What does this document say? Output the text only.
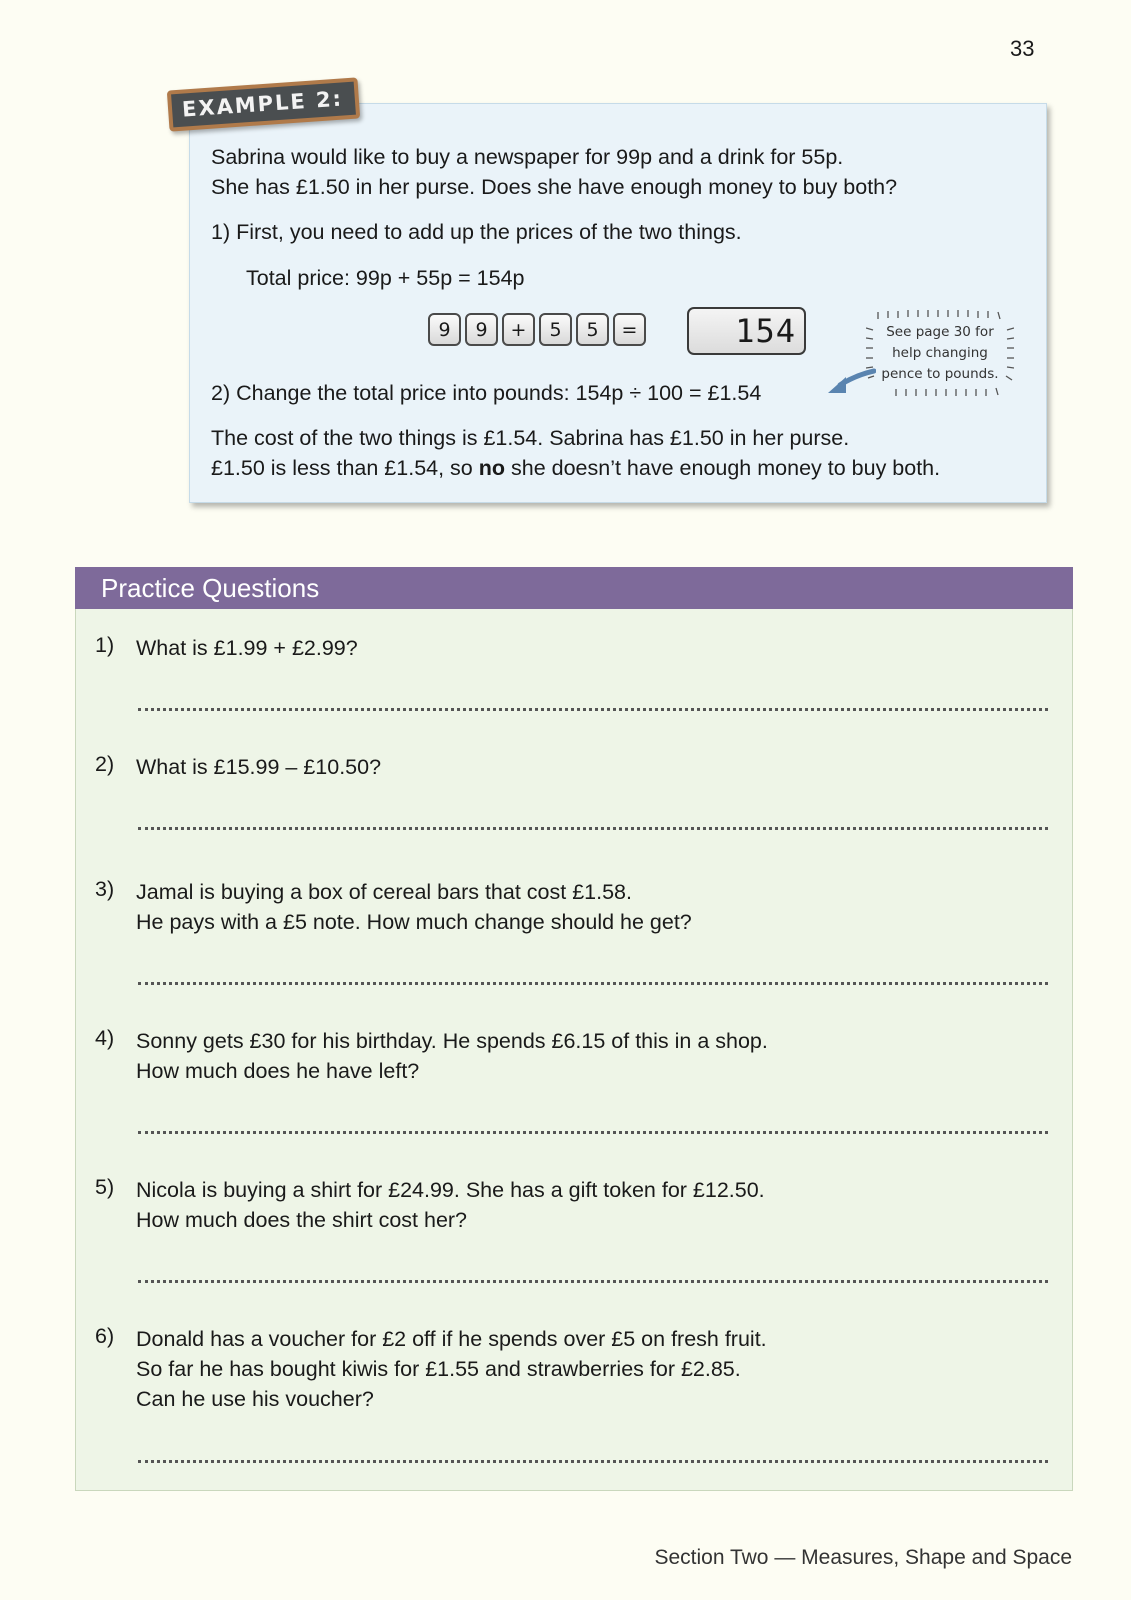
33
EXAMPLE 2:
Sabrina would like to buy a newspaper for 99p and a drink for 55p.
She has £1.50 in her purse. Does she have enough money to buy both?
1) First, you need to add up the prices of the two things.
Total price: 99p + 55p = 154p
9	9	+	5	5	=	154	See page 30 for
help changing
pence to pounds.
2) Change the total price into pounds: 154p ÷ 100 = £1.54
The cost of the two things is £1.54. Sabrina has £1.50 in her purse.
£1.50 is less than £1.54, so no she doesn’t have enough money to buy both.
Practice Questions
1) What is £1.99 + £2.99?
2) What is £15.99 – £10.50?
3) Jamal is buying a box of cereal bars that cost £1.58.
He pays with a £5 note. How much change should he get?
4) Sonny gets £30 for his birthday. He spends £6.15 of this in a shop.
How much does he have left?
5) Nicola is buying a shirt for £24.99. She has a gift token for £12.50.
How much does the shirt cost her?
6) Donald has a voucher for £2 off if he spends over £5 on fresh fruit.
So far he has bought kiwis for £1.55 and strawberries for £2.85.
Can he use his voucher?
Section Two — Measures, Shape and Space
